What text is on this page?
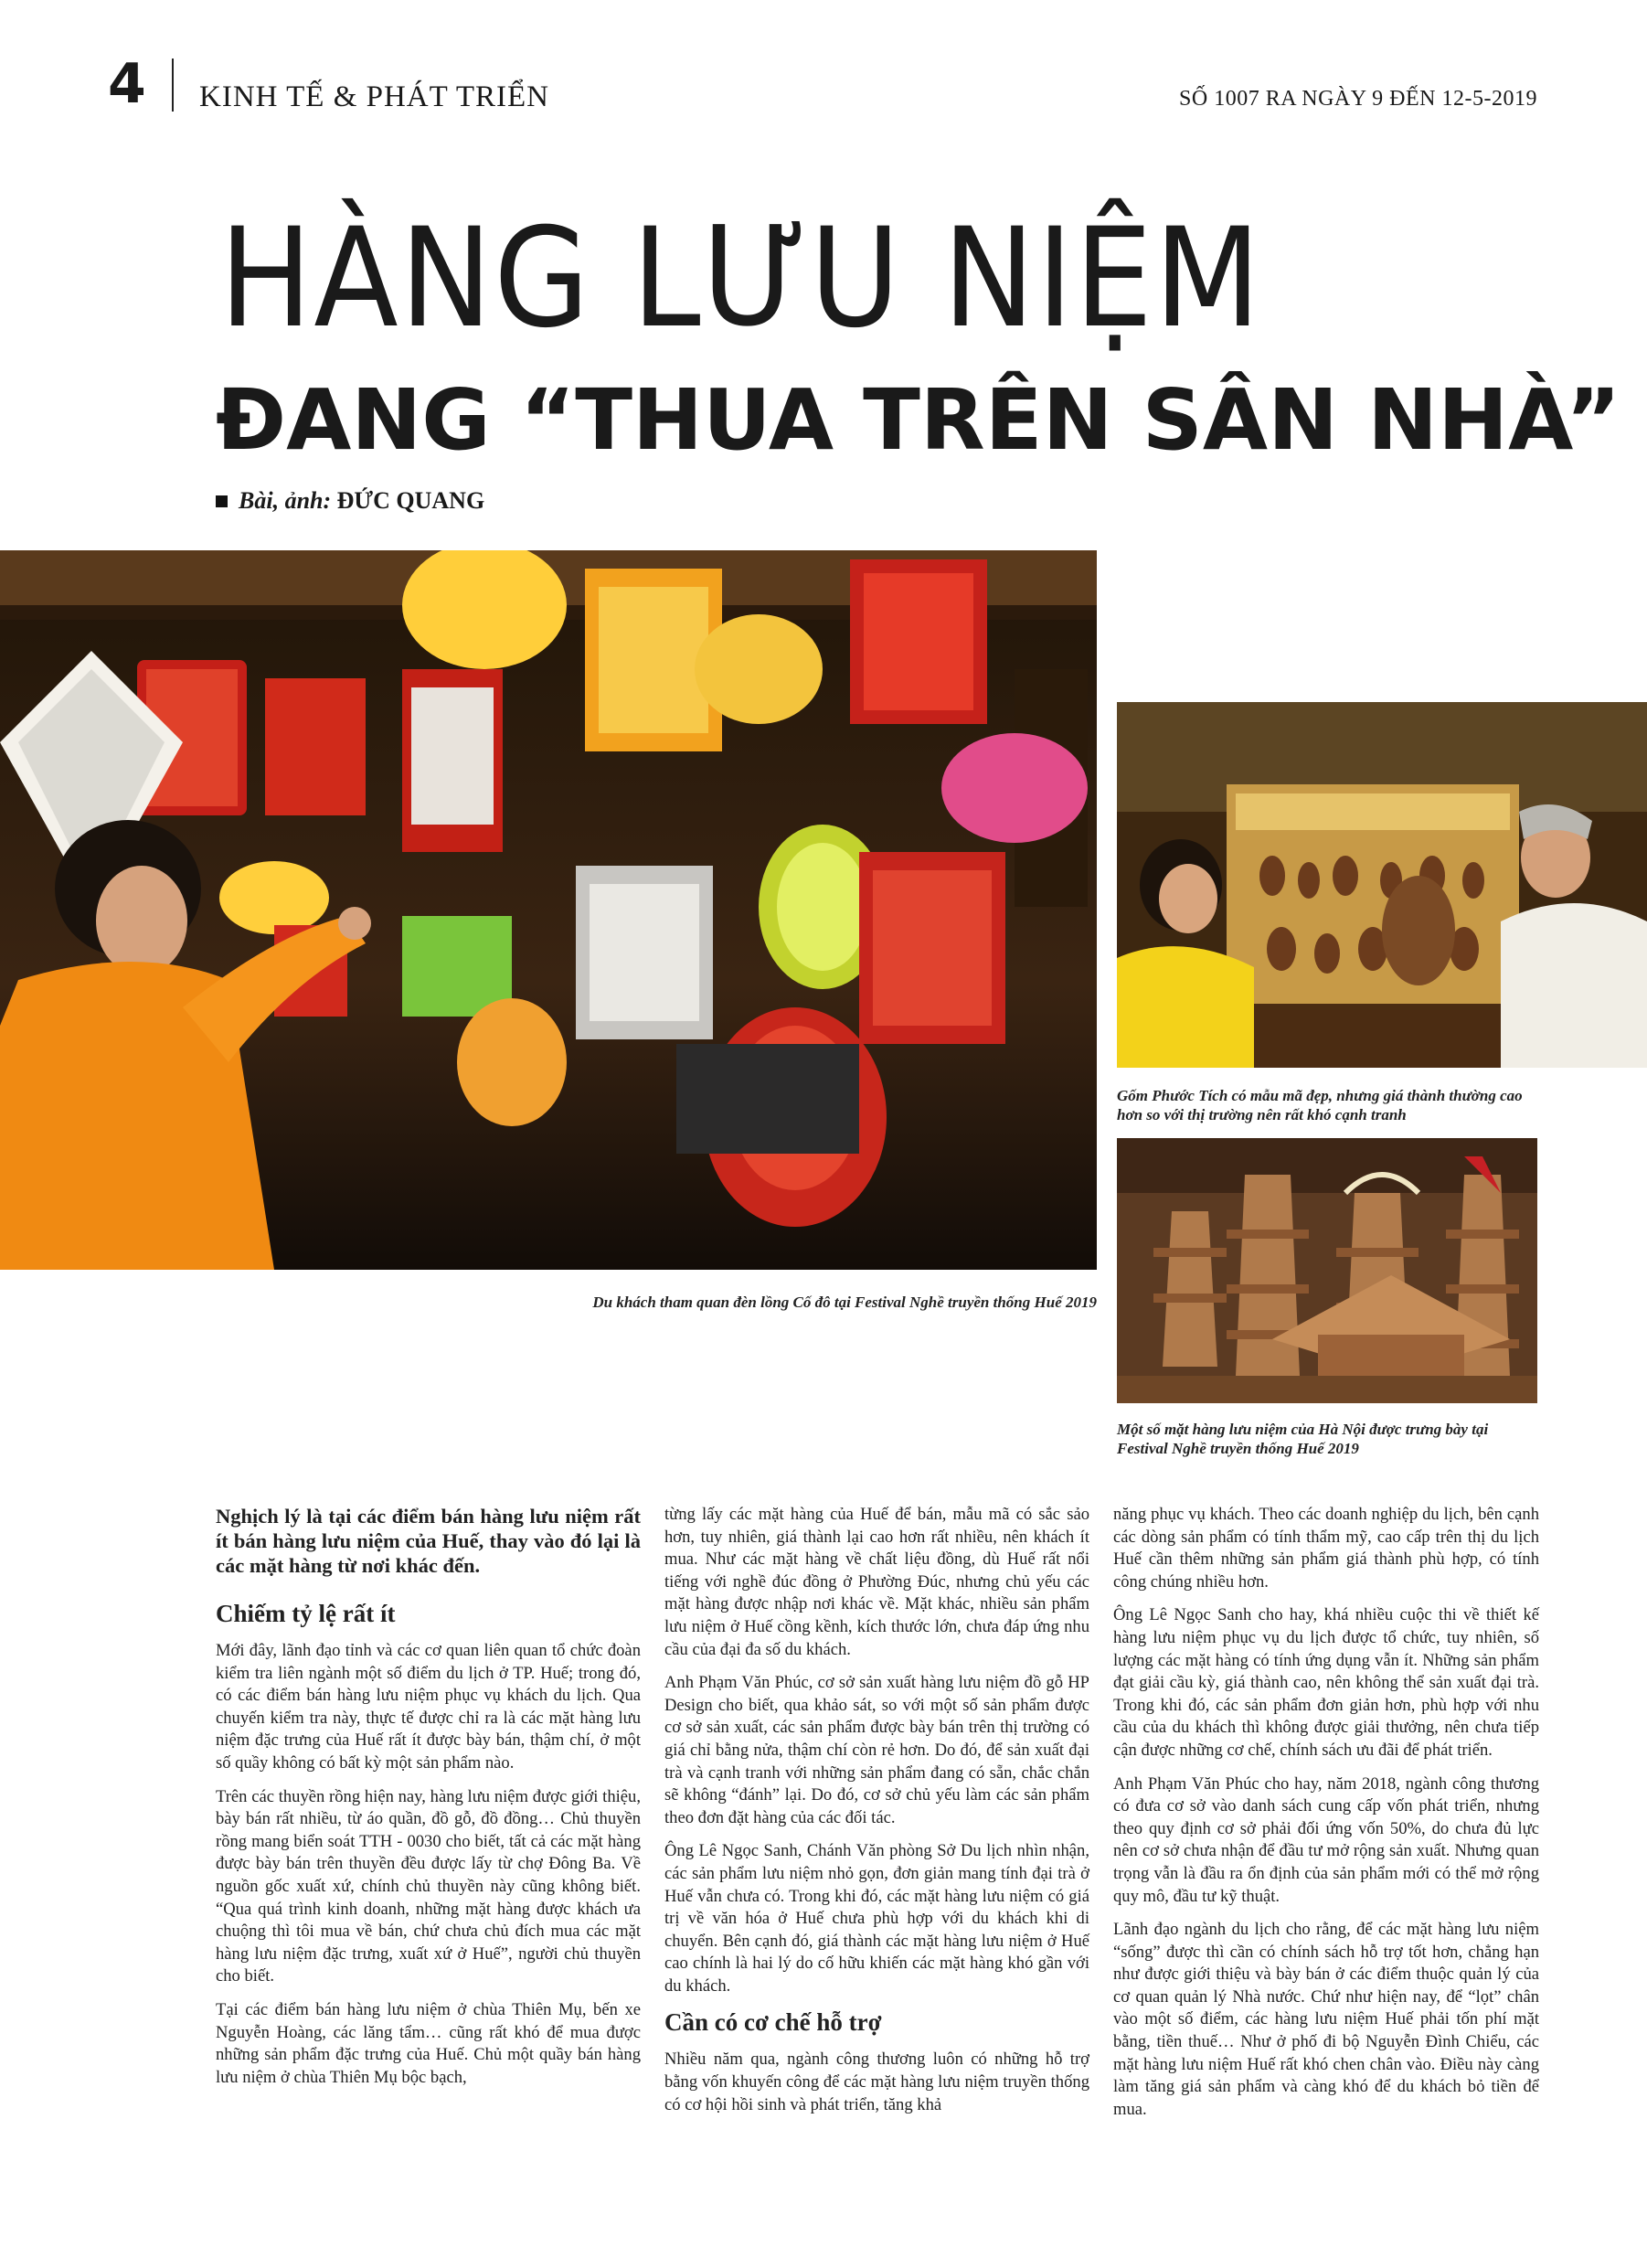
4 KINH TẾ & PHÁT TRIỂN	SỐ 1007 RA NGÀY 9 ĐẾN 12-5-2019
HÀNG LƯU NIỆM
ĐANG “THUA TRÊN SÂN NHÀ”
Bài, ảnh: ĐỨC QUANG
Du khách tham quan đèn lồng Cố đô tại Festival Nghề truyền thống Huế 2019
Gốm Phước Tích có mẫu mã đẹp, nhưng giá thành thường cao hơn so với thị trường nên rất khó cạnh tranh
Một số mặt hàng lưu niệm của Hà Nội được trưng bày tại Festival Nghề truyền thống Huế 2019

Nghịch lý là tại các điểm bán hàng lưu niệm rất ít bán hàng lưu niệm của Huế, thay vào đó lại là các mặt hàng từ nơi khác đến.

Chiếm tỷ lệ rất ít

Mới đây, lãnh đạo tỉnh và các cơ quan liên quan tổ chức đoàn kiểm tra liên ngành một số điểm du lịch ở TP. Huế; trong đó, có các điểm bán hàng lưu niệm phục vụ khách du lịch. Qua chuyến kiểm tra này, thực tế được chỉ ra là các mặt hàng lưu niệm đặc trưng của Huế rất ít được bày bán, thậm chí, ở một số quầy không có bất kỳ một sản phẩm nào.

Trên các thuyền rồng hiện nay, hàng lưu niệm được giới thiệu, bày bán rất nhiều, từ áo quần, đồ gỗ, đồ đồng… Chủ thuyền rồng mang biển soát TTH - 0030 cho biết, tất cả các mặt hàng được bày bán trên thuyền đều được lấy từ chợ Đông Ba. Về nguồn gốc xuất xứ, chính chủ thuyền này cũng không biết. “Qua quá trình kinh doanh, những mặt hàng được khách ưa chuộng thì tôi mua về bán, chứ chưa chủ đích mua các mặt hàng lưu niệm đặc trưng, xuất xứ ở Huế”, người chủ thuyền cho biết.

Tại các điểm bán hàng lưu niệm ở chùa Thiên Mụ, bến xe Nguyễn Hoàng, các lăng tẩm… cũng rất khó để mua được những sản phẩm đặc trưng của Huế. Chủ một quầy bán hàng lưu niệm ở chùa Thiên Mụ bộc bạch,

từng lấy các mặt hàng của Huế để bán, mẫu mã có sắc sảo hơn, tuy nhiên, giá thành lại cao hơn rất nhiều, nên khách ít mua. Như các mặt hàng về chất liệu đồng, dù Huế rất nổi tiếng với nghề đúc đồng ở Phường Đúc, nhưng chủ yếu các mặt hàng được nhập nơi khác về. Mặt khác, nhiều sản phẩm lưu niệm ở Huế cồng kềnh, kích thước lớn, chưa đáp ứng nhu cầu của đại đa số du khách.

Anh Phạm Văn Phúc, cơ sở sản xuất hàng lưu niệm đồ gỗ HP Design cho biết, qua khảo sát, so với một số sản phẩm được cơ sở sản xuất, các sản phẩm được bày bán trên thị trường có giá chỉ bằng nửa, thậm chí còn rẻ hơn. Do đó, để sản xuất đại trà và cạnh tranh với những sản phẩm đang có sẵn, chắc chắn sẽ không “đánh” lại. Do đó, cơ sở chủ yếu làm các sản phẩm theo đơn đặt hàng của các đối tác.

Ông Lê Ngọc Sanh, Chánh Văn phòng Sở Du lịch nhìn nhận, các sản phẩm lưu niệm nhỏ gọn, đơn giản mang tính đại trà ở Huế vẫn chưa có. Trong khi đó, các mặt hàng lưu niệm có giá trị về văn hóa ở Huế chưa phù hợp với du khách khi di chuyển. Bên cạnh đó, giá thành các mặt hàng lưu niệm ở Huế cao chính là hai lý do cố hữu khiến các mặt hàng khó gần với du khách.

Cần có cơ chế hỗ trợ

Nhiều năm qua, ngành công thương luôn có những hỗ trợ bằng vốn khuyến công để các mặt hàng lưu niệm truyền thống có cơ hội hồi sinh và phát triển, tăng khả

năng phục vụ khách. Theo các doanh nghiệp du lịch, bên cạnh các dòng sản phẩm có tính thẩm mỹ, cao cấp trên thị du lịch Huế cần thêm những sản phẩm giá thành phù hợp, có tính công chúng nhiều hơn.

Ông Lê Ngọc Sanh cho hay, khá nhiều cuộc thi về thiết kế hàng lưu niệm phục vụ du lịch được tổ chức, tuy nhiên, số lượng các mặt hàng có tính ứng dụng vẫn ít. Những sản phẩm đạt giải cầu kỳ, giá thành cao, nên không thể sản xuất đại trà. Trong khi đó, các sản phẩm đơn giản hơn, phù hợp với nhu cầu của du khách thì không được giải thưởng, nên chưa tiếp cận được những cơ chế, chính sách ưu đãi để phát triển.

Anh Phạm Văn Phúc cho hay, năm 2018, ngành công thương có đưa cơ sở vào danh sách cung cấp vốn phát triển, nhưng theo quy định cơ sở phải đối ứng vốn 50%, do chưa đủ lực nên cơ sở chưa nhận để đầu tư mở rộng sản xuất. Nhưng quan trọng vẫn là đầu ra ổn định của sản phẩm mới có thể mở rộng quy mô, đầu tư kỹ thuật.

Lãnh đạo ngành du lịch cho rằng, để các mặt hàng lưu niệm “sống” được thì cần có chính sách hỗ trợ tốt hơn, chẳng hạn như được giới thiệu và bày bán ở các điểm thuộc quản lý của cơ quan quản lý Nhà nước. Chứ như hiện nay, để “lọt” chân vào một số điểm, các hàng lưu niệm Huế phải tốn phí mặt bằng, tiền thuế… Như ở phố đi bộ Nguyễn Đình Chiểu, các mặt hàng lưu niệm Huế rất khó chen chân vào. Điều này càng làm tăng giá sản phẩm và càng khó để du khách bỏ tiền để mua.
